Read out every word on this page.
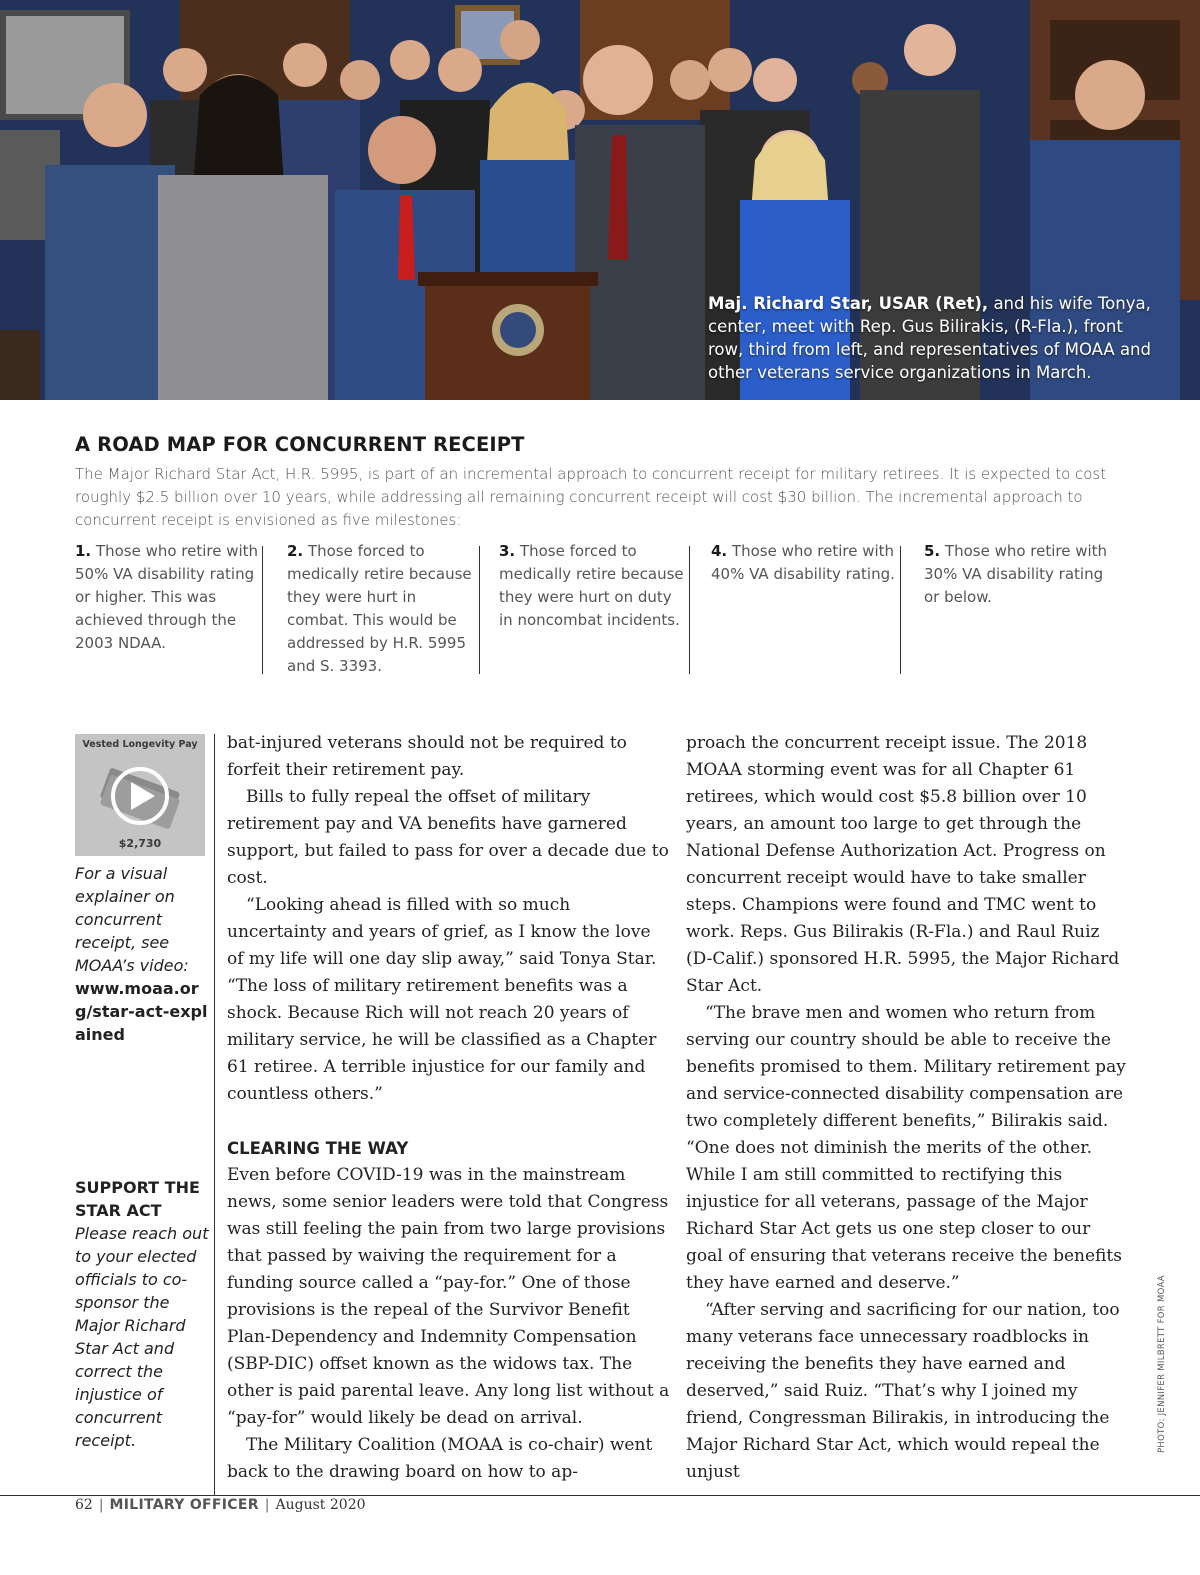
Maj. Richard Star, USAR (Ret), and his wife Tonya, center, meet with Rep. Gus Bilirakis, (R-Fla.), front row, third from left, and representatives of MOAA and other veterans service organizations in March.
A ROAD MAP FOR CONCURRENT RECEIPT
The Major Richard Star Act, H.R. 5995, is part of an incremental approach to concurrent receipt for military retirees. It is expected to cost roughly $2.5 billion over 10 years, while addressing all remaining concurrent receipt will cost $30 billion. The incremental approach to concurrent receipt is envisioned as five milestones:
1. Those who retire with 50% VA disability rating or higher. This was achieved through the 2003 NDAA.
2. Those forced to medically retire because they were hurt in combat. This would be addressed by H.R. 5995 and S. 3393.
3. Those forced to medically retire because they were hurt on duty in noncombat incidents.
4. Those who retire with 40% VA disability rating.
5. Those who retire with 30% VA disability rating or below.
Vested Longevity Pay
$2,730

For a visual explainer on concurrent receipt, see MOAA’s video:

www.moaa.org/star-act-explained

SUPPORT THE STAR ACT

Please reach out to your elected officials to co-sponsor the Major Richard Star Act and correct the injustice of concurrent receipt.

bat-injured veterans should not be required to forfeit their retirement pay.

Bills to fully repeal the offset of military retirement pay and VA benefits have garnered support, but failed to pass for over a decade due to cost.

“Looking ahead is filled with so much uncertainty and years of grief, as I know the love of my life will one day slip away,” said Tonya Star. “The loss of military retirement benefits was a shock. Because Rich will not reach 20 years of military service, he will be classified as a Chapter 61 retiree. A terrible injustice for our family and countless others.”

CLEARING THE WAY

Even before COVID-19 was in the mainstream news, some senior leaders were told that Congress was still feeling the pain from two large provisions that passed by waiving the requirement for a funding source called a “pay-for.” One of those provisions is the repeal of the Survivor Benefit Plan-Dependency and Indemnity Compensation (SBP-DIC) offset known as the widows tax. The other is paid parental leave. Any long list without a “pay-for” would likely be dead on arrival.

The Military Coalition (MOAA is co-chair) went back to the drawing board on how to ap-

proach the concurrent receipt issue. The 2018 MOAA storming event was for all Chapter 61 retirees, which would cost $5.8 billion over 10 years, an amount too large to get through the National Defense Authorization Act. Progress on concurrent receipt would have to take smaller steps. Champions were found and TMC went to work. Reps. Gus Bilirakis (R-Fla.) and Raul Ruiz (D-Calif.) sponsored H.R. 5995, the Major Richard Star Act.

“The brave men and women who return from serving our country should be able to receive the benefits promised to them. Military retirement pay and service-connected disability compensation are two completely different benefits,” Bilirakis said. “One does not diminish the merits of the other. While I am still committed to rectifying this injustice for all veterans, passage of the Major Richard Star Act gets us one step closer to our goal of ensuring that veterans receive the benefits they have earned and deserve.”

“After serving and sacrificing for our nation, too many veterans face unnecessary roadblocks in receiving the benefits they have earned and deserved,” said Ruiz. “That’s why I joined my friend, Congressman Bilirakis, in introducing the Major Richard Star Act, which would repeal the unjust

PHOTO: JENNIFER MILBRETT FOR MOAA
62 | MILITARY OFFICER | August 2020
